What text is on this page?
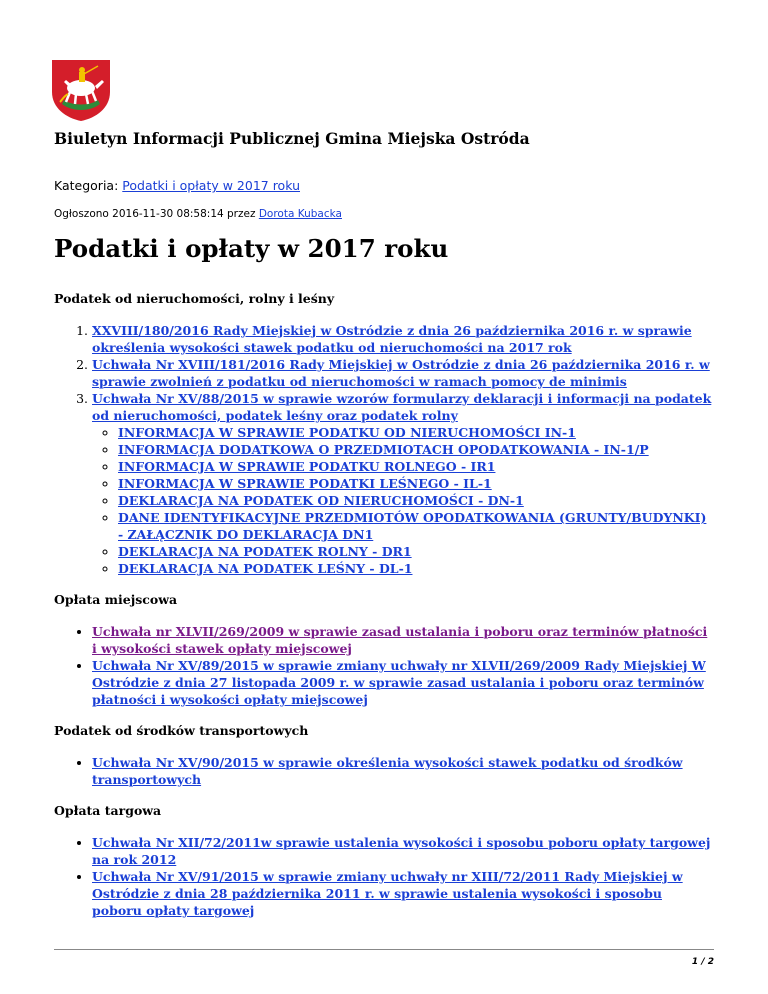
Biuletyn Informacji Publicznej Gmina Miejska Ostróda
Kategoria: Podatki i opłaty w 2017 roku
Ogłoszono 2016-11-30 08:58:14 przez Dorota Kubacka
Podatki i opłaty w 2017 roku
Podatek od nieruchomości, rolny i leśny
1. XXVIII/180/2016 Rady Miejskiej w Ostródzie z dnia 26 października 2016 r. w sprawie określenia wysokości stawek podatku od nieruchomości na 2017 rok
2. Uchwała Nr XVIII/181/2016 Rady Miejskiej w Ostródzie z dnia 26 października 2016 r. w sprawie zwolnień z podatku od nieruchomości w ramach pomocy de minimis
3. Uchwała Nr XV/88/2015 w sprawie wzorów formularzy deklaracji i informacji na podatek od nieruchomości, podatek leśny oraz podatek rolny
◦ INFORMACJA W SPRAWIE PODATKU OD NIERUCHOMOŚCI IN-1
◦ INFORMACJA DODATKOWA O PRZEDMIOTACH OPODATKOWANIA - IN-1/P
◦ INFORMACJA W SPRAWIE PODATKU ROLNEGO - IR1
◦ INFORMACJA W SPRAWIE PODATKI LEŚNEGO - IL-1
◦ DEKLARACJA NA PODATEK OD NIERUCHOMOŚCI - DN-1
◦ DANE IDENTYFIKACYJNE PRZEDMIOTÓW OPODATKOWANIA (GRUNTY/BUDYNKI) - ZAŁĄCZNIK DO DEKLARACJA DN1
◦ DEKLARACJA NA PODATEK ROLNY - DR1
◦ DEKLARACJA NA PODATEK LEŚNY - DL-1
Opłata miejscowa
• Uchwała nr XLVII/269/2009 w sprawie zasad ustalania i poboru oraz terminów płatności i wysokości stawek opłaty miejscowej
• Uchwała Nr XV/89/2015 w sprawie zmiany uchwały nr XLVII/269/2009 Rady Miejskiej W Ostródzie z dnia 27 listopada 2009 r. w sprawie zasad ustalania i poboru oraz terminów płatności i wysokości opłaty miejscowej
Podatek od środków transportowych
• Uchwała Nr XV/90/2015 w sprawie określenia wysokości stawek podatku od środków transportowych
Opłata targowa
• Uchwała Nr XII/72/2011w sprawie ustalenia wysokości i sposobu poboru opłaty targowej na rok 2012
• Uchwała Nr XV/91/2015 w sprawie zmiany uchwały nr XIII/72/2011 Rady Miejskiej w Ostródzie z dnia 28 października 2011 r. w sprawie ustalenia wysokości i sposobu poboru opłaty targowej
1 / 2
